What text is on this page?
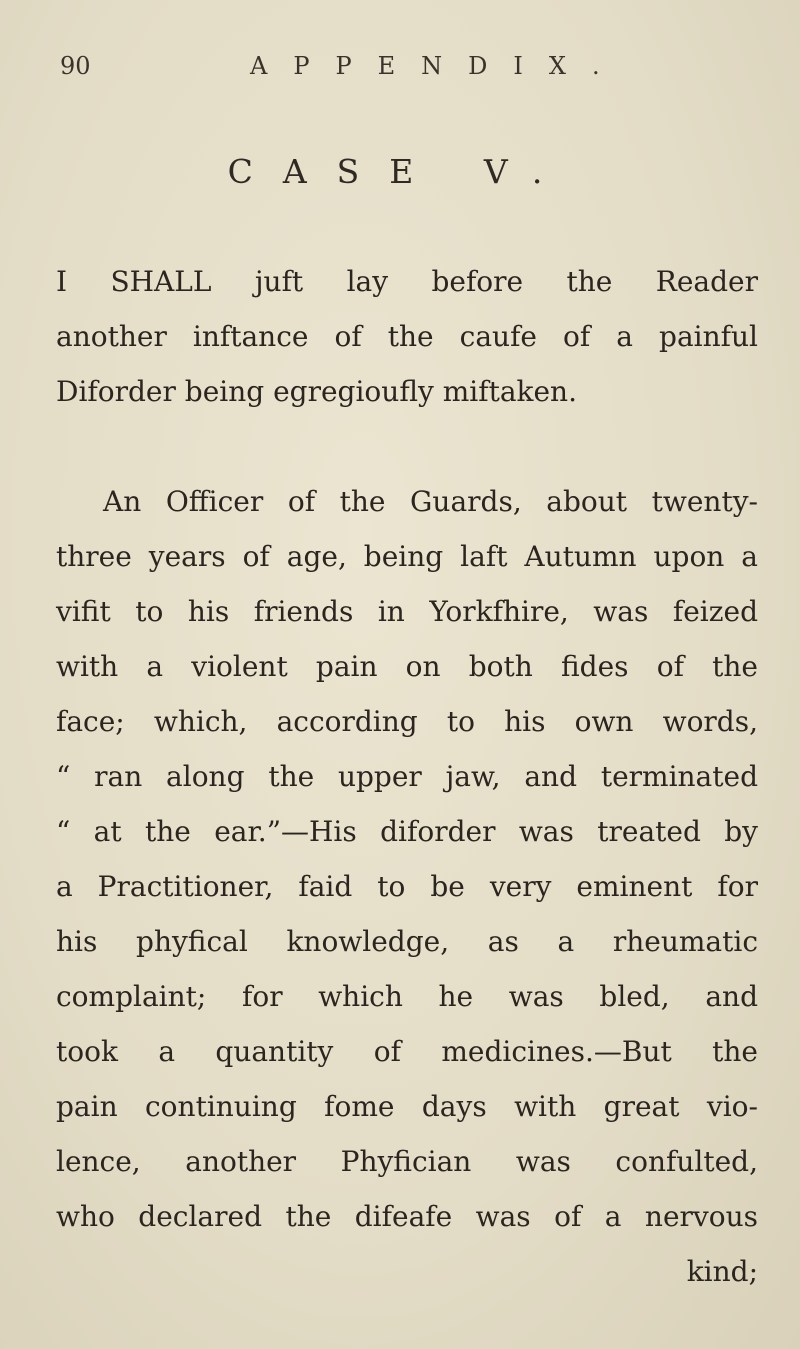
90	APPENDIX.
CASE V.
I SHALL juft lay before the Reader
another inftance of the caufe of a painful
Diforder being egregioufly miftaken.
An Officer of the Guards, about twenty-
three years of age, being laft Autumn upon a
vifit to his friends in Yorkfhire, was feized
with a violent pain on both fides of the
face; which, according to his own words,
“ ran along the upper jaw, and terminated
“ at the ear.”—His diforder was treated by
a Practitioner, faid to be very eminent for
his phyfical knowledge, as a rheumatic
complaint; for which he was bled, and
took a quantity of medicines.—But the
pain continuing fome days with great vio-
lence, another Phyfician was confulted,
who declared the difeafe was of a nervous
kind;
